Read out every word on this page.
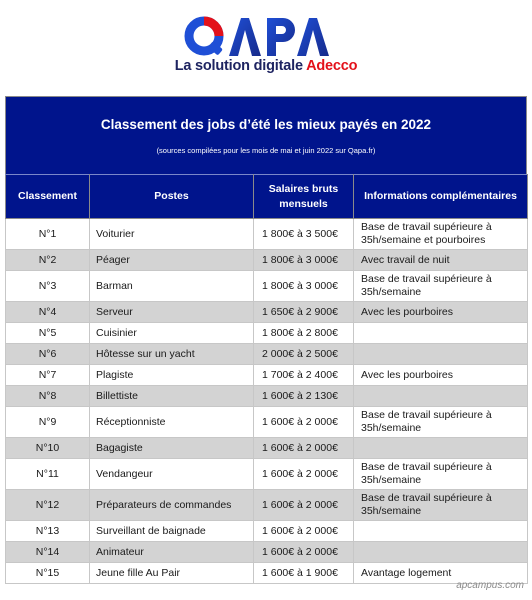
La solution digitale Adecco
Classement des jobs d’été les mieux payés en 2022
(sources compilées pour les mois de mai et juin 2022 sur Qapa.fr)
Classement	Postes	Salaires bruts mensuels	Informations complémentaires
N°1	Voiturier	1 800€ à 3 500€	Base de travail supérieure à 35h/semaine et pourboires
N°2	Péager	1 800€ à 3 000€	Avec travail de nuit
N°3	Barman	1 800€ à 3 000€	Base de travail supérieure à 35h/semaine
N°4	Serveur	1 650€ à 2 900€	Avec les pourboires
N°5	Cuisinier	1 800€ à 2 800€	
N°6	Hôtesse sur un yacht	2 000€ à 2 500€	
N°7	Plagiste	1 700€ à 2 400€	Avec les pourboires
N°8	Billettiste	1 600€ à 2 130€	
N°9	Réceptionniste	1 600€ à 2 000€	Base de travail supérieure à 35h/semaine
N°10	Bagagiste	1 600€ à 2 000€	
N°11	Vendangeur	1 600€ à 2 000€	Base de travail supérieure à 35h/semaine
N°12	Préparateurs de commandes	1 600€ à 2 000€	Base de travail supérieure à 35h/semaine
N°13	Surveillant de baignade	1 600€ à 2 000€	
N°14	Animateur	1 600€ à 2 000€	
N°15	Jeune fille Au Pair	1 600€ à 1 900€	Avantage logement
apcampus.com
